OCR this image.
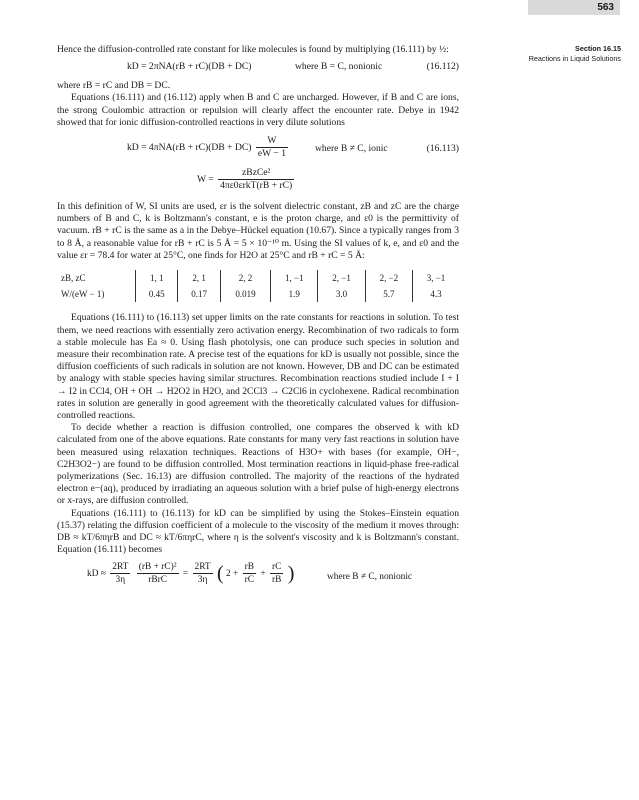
563
Section 16.15
Reactions in Liquid Solutions

Hence the diffusion-controlled rate constant for like molecules is found by multiplying (16.111) by ½:

kD = 2πNA(rB + rC)(DB + DC)	where B = C, nonionic	(16.112)

where rB = rC and DB = DC.

Equations (16.111) and (16.112) apply when B and C are uncharged. However, if B and C are ions, the strong Coulombic attraction or repulsion will clearly affect the encounter rate. Debye in 1942 showed that for ionic diffusion-controlled reactions in very dilute solutions

kD = $4\pi NA(rB + rC)(DB + DC) \frac{W}{eW - 1}$	where B ≠ C, ionic	(16.113)
$W = \frac{\text{zBzCe²}}{\text{4πε0εrkT(rB + rC)}}$

In this definition of W, SI units are used, εr is the solvent dielectric constant, zB and zC are the charge numbers of B and C, k is Boltzmann's constant, e is the proton charge, and ε0 is the permittivity of vacuum. rB + rC is the same as a in the Debye–Hückel equation (10.67). Since a typically ranges from 3 to 8 Å, a reasonable value for rB + rC is 5 Å = 5 × 10⁻¹⁰ m. Using the SI values of k, e, and ε0 and the value εr = 78.4 for water at 25°C, one finds for H2O at 25°C and rB + rC = 5 Å:

zB, zC	1, 1	2, 1	2, 2	1, −1	2, −1	2, −2	3, −1
W/(eW − 1)	0.45	0.17	0.019	1.9	3.0	5.7	4.3

Equations (16.111) to (16.113) set upper limits on the rate constants for reactions in solution. To test them, we need reactions with essentially zero activation energy. Recombination of two radicals to form a stable molecule has Ea ≈ 0. Using flash photolysis, one can produce such species in solution and measure their recombination rate. A precise test of the equations for kD is usually not possible, since the diffusion coefficients of such radicals in solution are not known. However, DB and DC can be estimated by analogy with stable species having similar structures. Recombination reactions studied include I + I → I2 in CCl4, OH + OH → H2O2 in H2O, and 2CCl3 → C2Cl6 in cyclohexene. Radical recombination rates in solution are generally in good agreement with the theoretically calculated values for diffusion-controlled reactions.

To decide whether a reaction is diffusion controlled, one compares the observed k with kD calculated from one of the above equations. Rate constants for many very fast reactions in solution have been measured using relaxation techniques. Reactions of H3O+ with bases (for example, OH−, C2H3O2−) are found to be diffusion controlled. Most termination reactions in liquid-phase free-radical polymerizations (Sec. 16.13) are diffusion controlled. The majority of the reactions of the hydrated electron e−(aq), produced by irradiating an aqueous solution with a brief pulse of high-energy electrons or x-rays, are diffusion controlled.

Equations (16.111) to (16.113) for kD can be simplified by using the Stokes–Einstein equation (15.37) relating the diffusion coefficient of a molecule to the viscosity of the medium it moves through: DB ≈ kT/6πηrB and DC ≈ kT/6πηrC, where η is the solvent's viscosity and k is Boltzmann's constant. Equation (16.111) becomes

kD ≈ $\frac{2RT}{3\eta}$
$\frac{\text{(rB + rC)²}}{\text{rBrC}} = \frac{2RT}{3\eta}$ ( $2 + \frac{rB}{rC} + \frac{rC}{rB}$ )	where B ≠ C, nonionic
